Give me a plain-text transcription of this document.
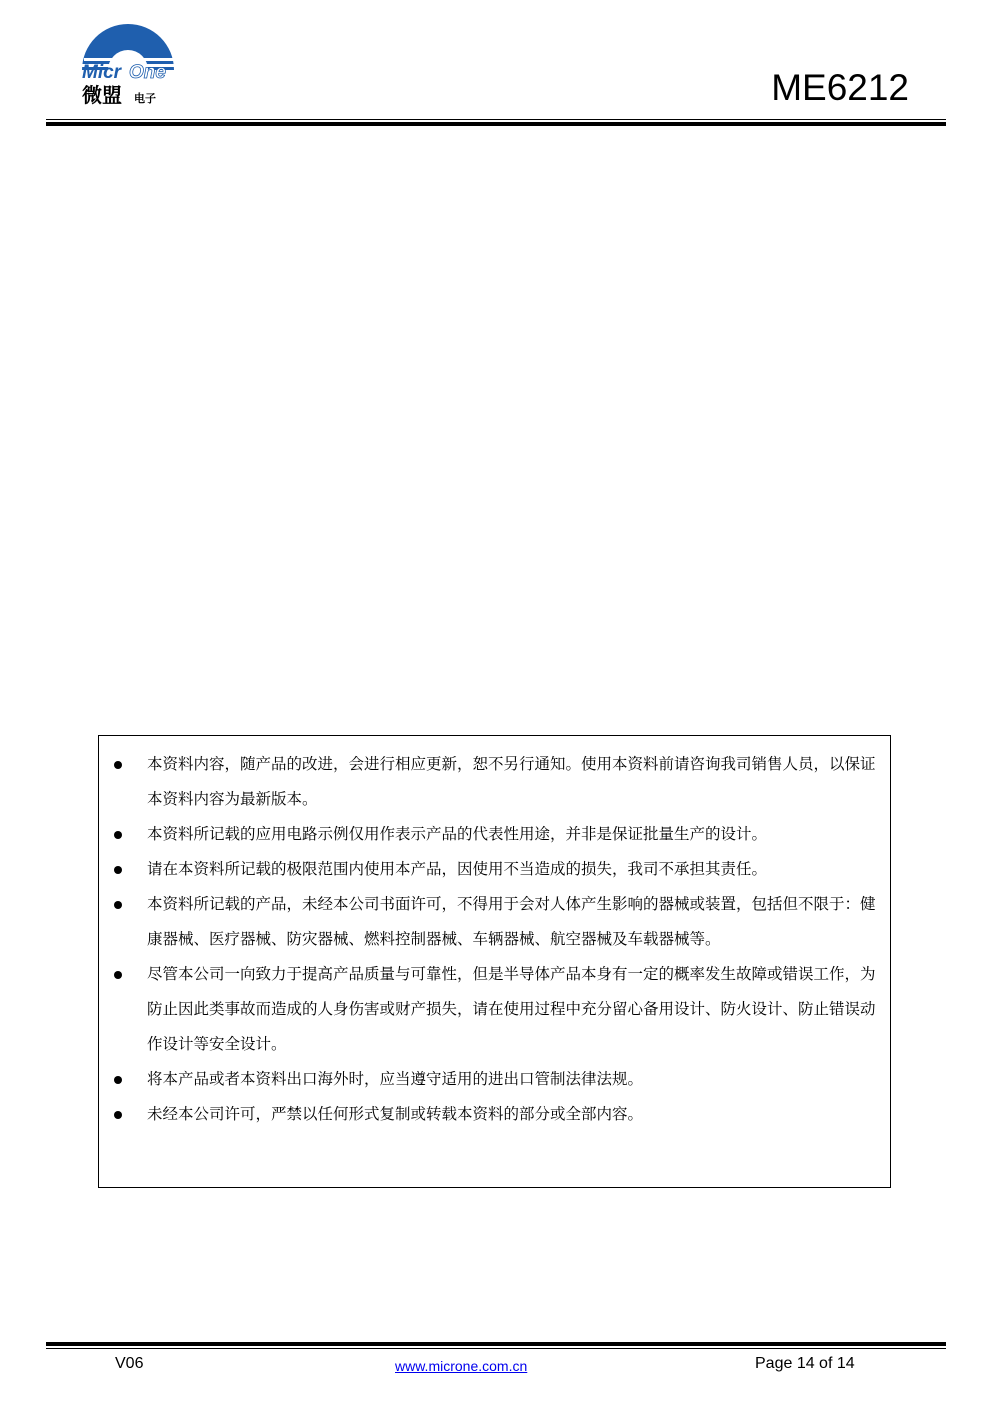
Micr One
微盟 电子	ME6212
本资料内容，随产品的改进，会进行相应更新，恕不另行通知。使用本资料前请咨询我司销售人员，以保证本资料内容为最新版本。
本资料所记载的应用电路示例仅用作表示产品的代表性用途，并非是保证批量生产的设计。
请在本资料所记载的极限范围内使用本产品，因使用不当造成的损失，我司不承担其责任。
本资料所记载的产品，未经本公司书面许可，不得用于会对人体产生影响的器械或装置，包括但不限于：健康器械、医疗器械、防灾器械、燃料控制器械、车辆器械、航空器械及车载器械等。
尽管本公司一向致力于提高产品质量与可靠性，但是半导体产品本身有一定的概率发生故障或错误工作，为防止因此类事故而造成的人身伤害或财产损失，请在使用过程中充分留心备用设计、防火设计、防止错误动作设计等安全设计。
将本产品或者本资料出口海外时，应当遵守适用的进出口管制法律法规。
未经本公司许可，严禁以任何形式复制或转载本资料的部分或全部内容。
V06	www.microne.com.cn	Page 14 of 14
